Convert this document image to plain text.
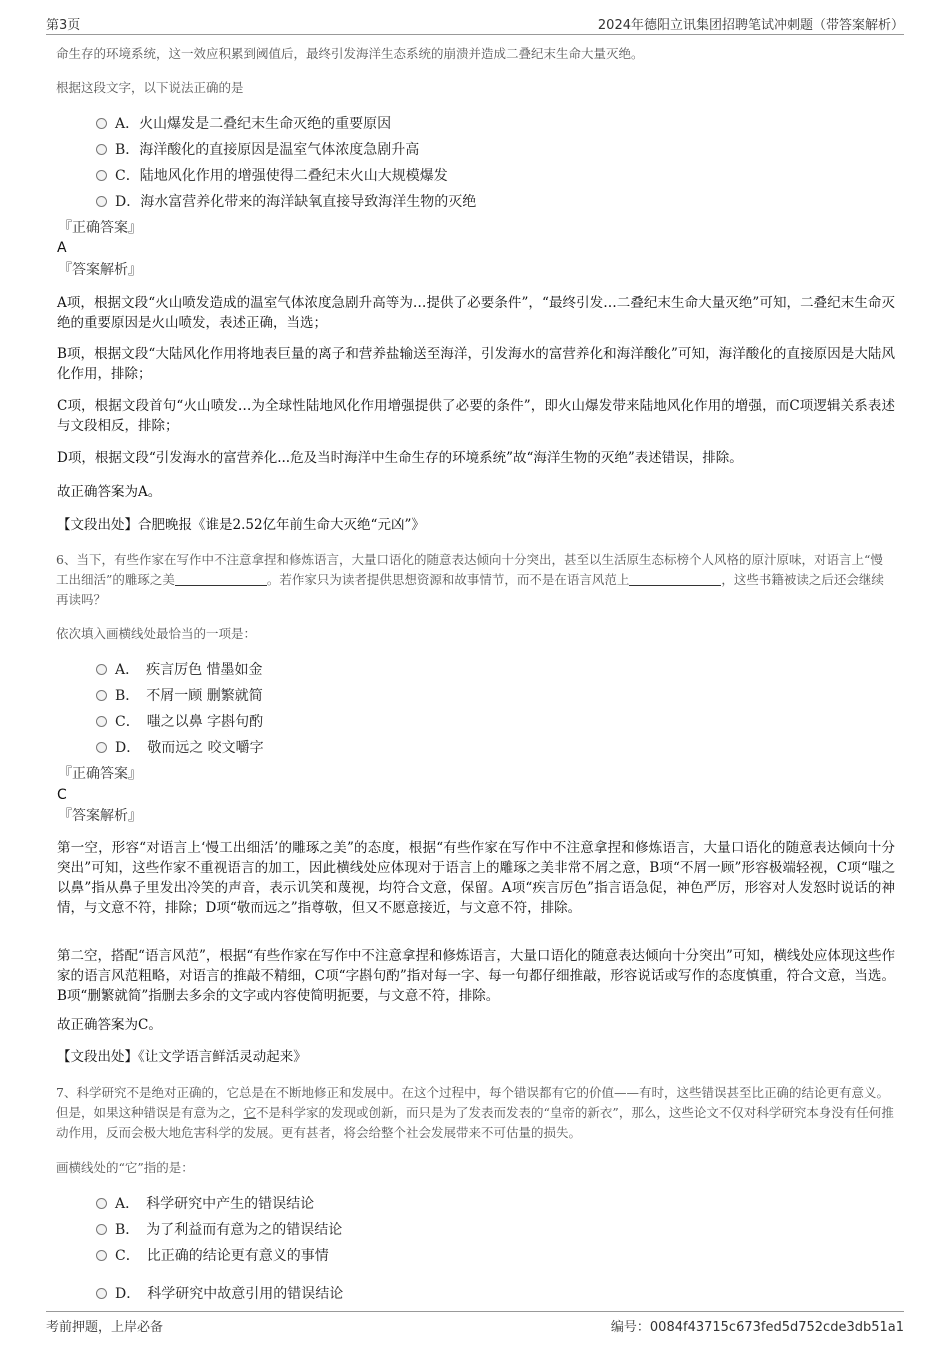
第3页	2024年德阳立讯集团招聘笔试冲刺题（带答案解析）
命生存的环境系统，这一效应积累到阈值后，最终引发海洋生态系统的崩溃并造成二叠纪末生命大量灭绝。
根据这段文字，以下说法正确的是
A．火山爆发是二叠纪末生命灭绝的重要原因
B．海洋酸化的直接原因是温室气体浓度急剧升高
C．陆地风化作用的增强使得二叠纪末火山大规模爆发
D．海水富营养化带来的海洋缺氧直接导致海洋生物的灭绝
『正确答案』
A
『答案解析』
A项，根据文段“火山喷发造成的温室气体浓度急剧升高等为…提供了必要条件”，“最终引发…二叠纪末生命大量灭绝”可知，二叠纪末生命灭绝的重要原因是火山喷发，表述正确，当选；
B项，根据文段“大陆风化作用将地表巨量的离子和营养盐输送至海洋，引发海水的富营养化和海洋酸化”可知，海洋酸化的直接原因是大陆风化作用，排除；
C项，根据文段首句“火山喷发…为全球性陆地风化作用增强提供了必要的条件”，即火山爆发带来陆地风化作用的增强，而C项逻辑关系表述与文段相反，排除；
D项，根据文段“引发海水的富营养化...危及当时海洋中生命生存的环境系统”故“海洋生物的灭绝”表述错误，排除。
故正确答案为A。
【文段出处】合肥晚报《谁是2.52亿年前生命大灭绝“元凶”》
6、当下，有些作家在写作中不注意拿捏和修炼语言，大量口语化的随意表达倾向十分突出，甚至以生活原生态标榜个人风格的原汁原味，对语言上“慢工出细活”的雕琢之美	。若作家只为读者提供思想资源和故事情节，而不是在语言风范上	，这些书籍被读之后还会继续再读吗？
依次填入画横线处最恰当的一项是：
A．　疾言厉色 惜墨如金
B．　不屑一顾 删繁就简
C．　嗤之以鼻 字斟句酌
D．　敬而远之 咬文嚼字
『正确答案』
C
『答案解析』
第一空，形容“对语言上‘慢工出细活’的雕琢之美”的态度，根据“有些作家在写作中不注意拿捏和修炼语言，大量口语化的随意表达倾向十分突出”可知，这些作家不重视语言的加工，因此横线处应体现对于语言上的雕琢之美非常不屑之意，B项“不屑一顾”形容极端轻视，C项“嗤之以鼻”指从鼻子里发出冷笑的声音，表示讥笑和蔑视，均符合文意，保留。A项“疾言厉色”指言语急促，神色严厉，形容对人发怒时说话的神情，与文意不符，排除；D项“敬而远之”指尊敬，但又不愿意接近，与文意不符，排除。
第二空，搭配“语言风范”，根据“有些作家在写作中不注意拿捏和修炼语言，大量口语化的随意表达倾向十分突出”可知，横线处应体现这些作家的语言风范粗略，对语言的推敲不精细，C项“字斟句酌”指对每一字、每一句都仔细推敲，形容说话或写作的态度慎重，符合文意，当选。B项“删繁就简”指删去多余的文字或内容使简明扼要，与文意不符，排除。
故正确答案为C。
【文段出处】《让文学语言鲜活灵动起来》
7、科学研究不是绝对正确的，它总是在不断地修正和发展中。在这个过程中，每个错误都有它的价值——有时，这些错误甚至比正确的结论更有意义。但是，如果这种错误是有意为之，它不是科学家的发现或创新，而只是为了发表而发表的“皇帝的新衣”，那么，这些论文不仅对科学研究本身没有任何推动作用，反而会极大地危害科学的发展。更有甚者，将会给整个社会发展带来不可估量的损失。
画横线处的“它”指的是：
A．　科学研究中产生的错误结论
B．　为了利益而有意为之的错误结论
C．　比正确的结论更有意义的事情
D．　科学研究中故意引用的错误结论
考前押题，上岸必备	编号：0084f43715c673fed5d752cde3db51a1
